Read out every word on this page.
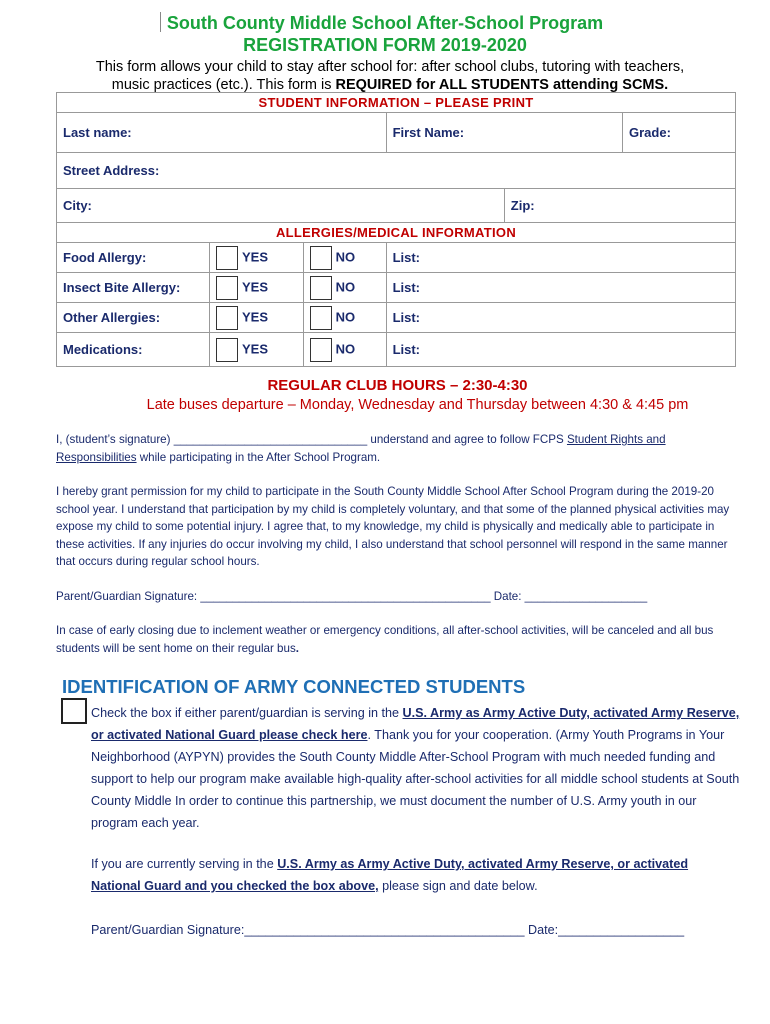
South County Middle School After-School Program
REGISTRATION FORM 2019-2020
This form allows your child to stay after school for: after school clubs, tutoring with teachers,
music practices (etc.). This form is REQUIRED for ALL STUDENTS attending SCMS.
STUDENT INFORMATION – PLEASE PRINT					
Last name:			First Name:		Grade:
Street Address:					
City:				Zip:	
ALLERGIES/MEDICAL INFORMATION					
Food Allergy:	YES	NO	List:		
Insect Bite Allergy:	YES	NO	List:		
Other Allergies:	YES	NO	List:		
Medications:	YES	NO	List:		
REGULAR CLUB HOURS – 2:30-4:30
Late buses departure – Monday, Wednesday and Thursday between 4:30 & 4:45 pm
I, (student’s signature) ______________________________ understand and agree to follow FCPS Student Rights and Responsibilities while participating in the After School Program.
I hereby grant permission for my child to participate in the South County Middle School After School Program during the 2019-20 school year. I understand that participation by my child is completely voluntary, and that some of the planned physical activities may expose my child to some potential injury. I agree that, to my knowledge, my child is physically and medically able to participate in these activities. If any injuries do occur involving my child, I also understand that school personnel will respond in the same manner that occurs during regular school hours.
Parent/Guardian Signature: _____________________________________________ Date: ___________________
In case of early closing due to inclement weather or emergency conditions, all after-school activities, will be canceled and all bus students will be sent home on their regular bus.
IDENTIFICATION OF ARMY CONNECTED STUDENTS
Check the box if either parent/guardian is serving in the U.S. Army as Army Active Duty, activated Army Reserve, or activated National Guard please check here. Thank you for your cooperation. (Army Youth Programs in Your Neighborhood (AYPYN) provides the South County Middle After-School Program with much needed funding and support to help our program make available high-quality after-school activities for all middle school students at South County Middle In order to continue this partnership, we must document the number of U.S. Army youth in our program each year.
If you are currently serving in the U.S. Army as Army Active Duty, activated Army Reserve, or activated National Guard and you checked the box above, please sign and date below.
Parent/Guardian Signature:________________________________________ Date:__________________
